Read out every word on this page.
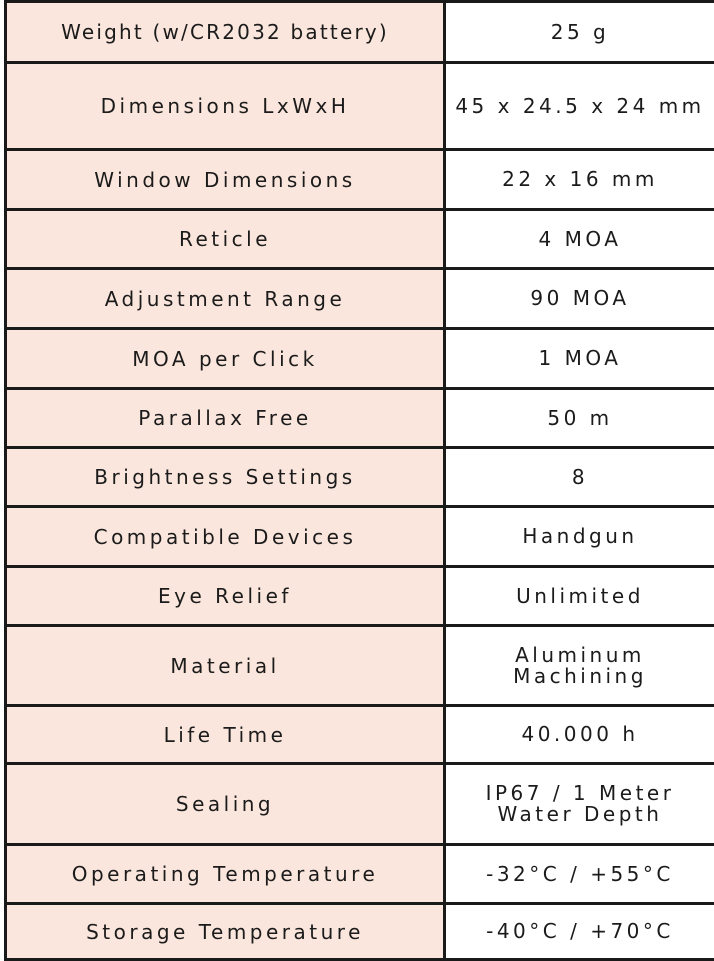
Weight (w/CR2032 battery)	25 g
Dimensions LxWxH	45 x 24.5 x 24 mm
Window Dimensions	22 x 16 mm
Reticle	4 MOA
Adjustment Range	90 MOA
MOA per Click	1 MOA
Parallax Free	50 m
Brightness Settings	8
Compatible Devices	Handgun
Eye Relief	Unlimited
Material	Aluminum Machining
Life Time	40.000 h
Sealing	IP67 / 1 Meter Water Depth
Operating Temperature	-32°C / +55°C
Storage Temperature	-40°C / +70°C
